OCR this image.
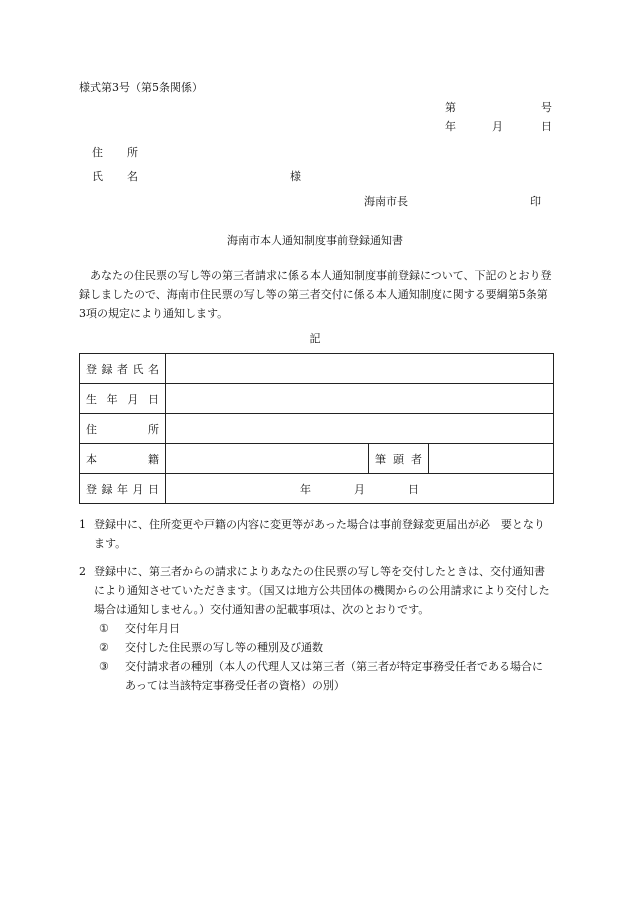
様式第3号（第5条関係）
第	号
年	月	日
住 所
氏 名	様
海南市長	印
海南市本人通知制度事前登録通知書
あなたの住民票の写し等の第三者請求に係る本人通知制度事前登録について、下記のとおり登録しましたので、海南市住民票の写し等の第三者交付に係る本人通知制度に関する要綱第5条第3項の規定により通知します。
記
登 録 者 氏 名			

生 年 月 日			

住 所			

本 籍		筆 頭 者	

登 録 年 月 日	年 月 日		
1 登録中に、住所変更や戸籍の内容に変更等があった場合は事前登録変更届出が必　要となります。
2 登録中に、第三者からの請求によりあなたの住民票の写し等を交付したときは、交付通知書により通知させていただきます。（国又は地方公共団体の機関からの公用請求により交付した場合は通知しません。）交付通知書の記載事項は、次のとおりです。
①	交付年月日
②	交付した住民票の写し等の種別及び通数
③	交付請求者の種別（本人の代理人又は第三者（第三者が特定事務受任者である場合にあっては当該特定事務受任者の資格）の別）
